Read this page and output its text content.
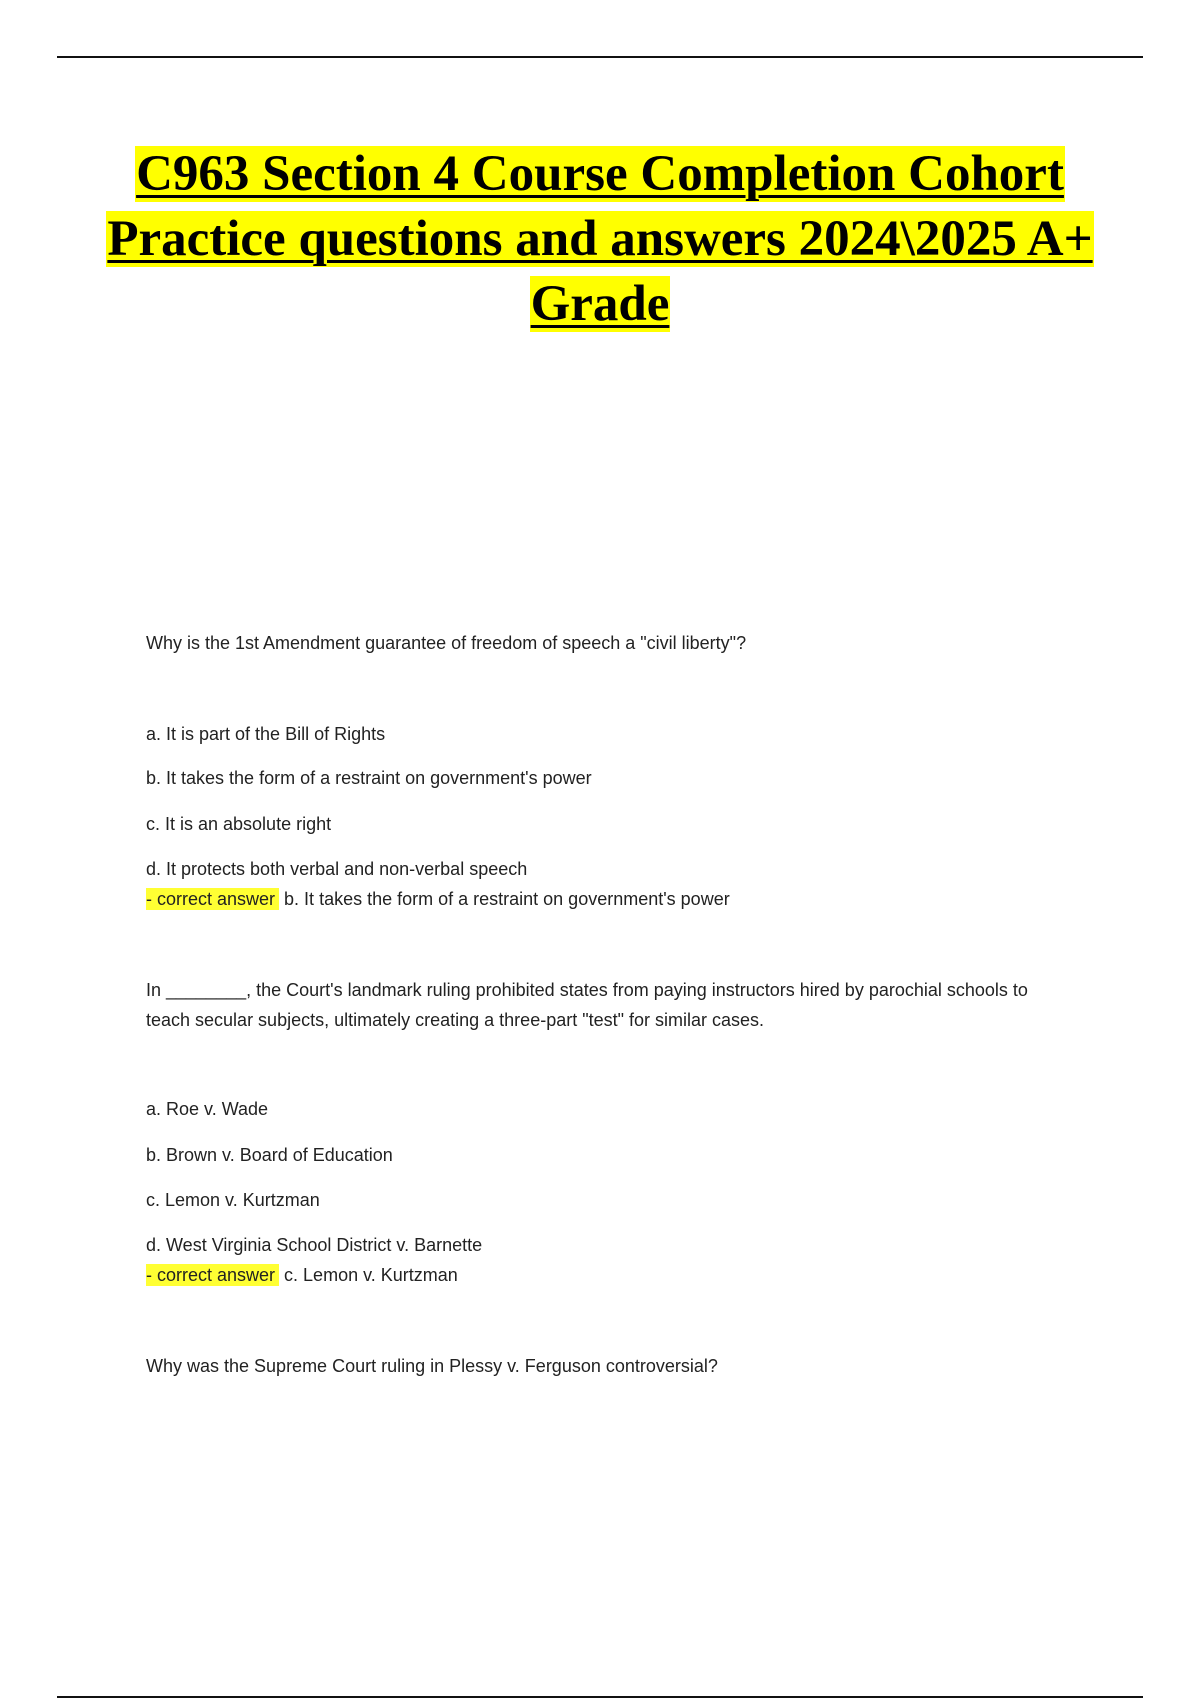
C963 Section 4 Course Completion Cohort Practice questions and answers 2024\2025 A+ Grade

Why is the 1st Amendment guarantee of freedom of speech a "civil liberty"?

a. It is part of the Bill of Rights

b. It takes the form of a restraint on government's power

c. It is an absolute right

d. It protects both verbal and non-verbal speech

- correct answer b. It takes the form of a restraint on government's power

In ________, the Court's landmark ruling prohibited states from paying instructors hired by parochial schools to teach secular subjects, ultimately creating a three-part "test" for similar cases.

a. Roe v. Wade

b. Brown v. Board of Education

c. Lemon v. Kurtzman

d. West Virginia School District v. Barnette

- correct answer c. Lemon v. Kurtzman

Why was the Supreme Court ruling in Plessy v. Ferguson controversial?
